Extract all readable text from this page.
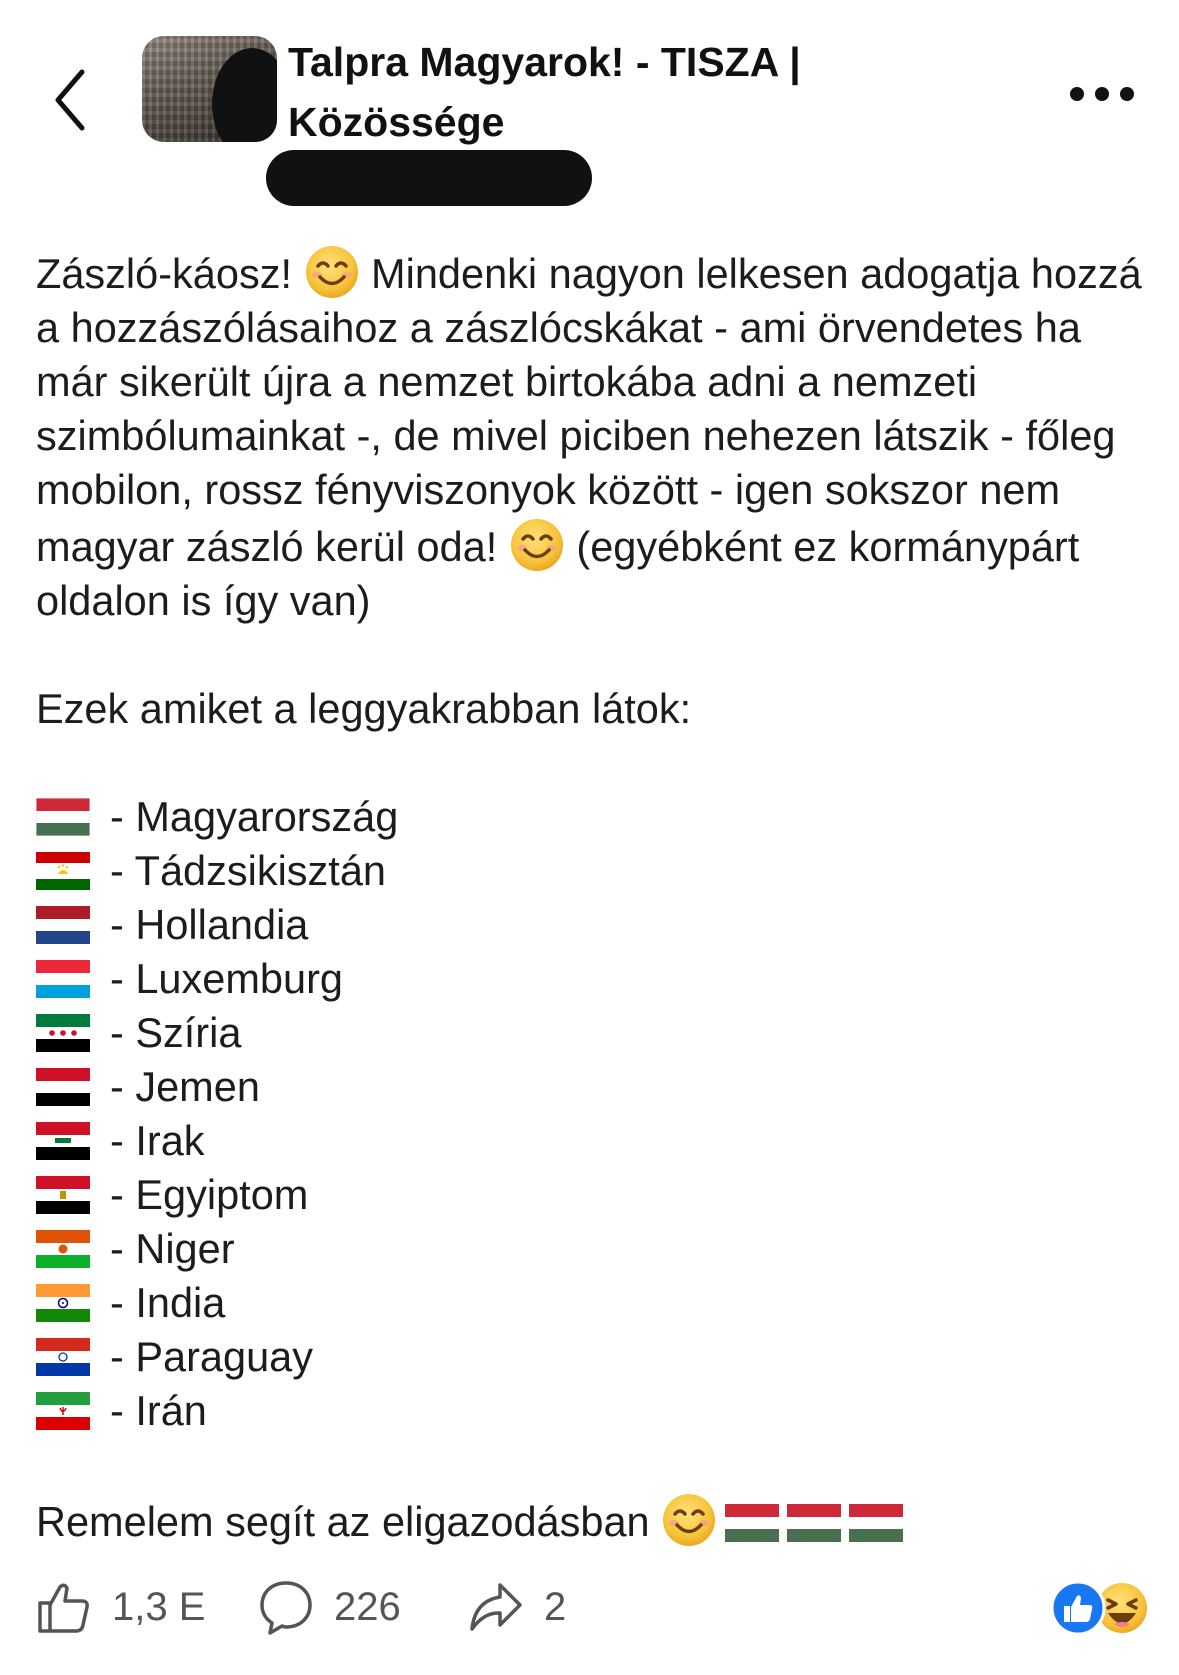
Talpra Magyarok! - TISZA | Közössége

Zászló-káosz!  Mindenki nagyon lelkesen adogatja hozzá a hozzászólásaihoz a zászlócskákat - ami örvendetes ha már sikerült újra a nemzet birtokába adni a nemzeti szimbólumainkat -, de mivel piciben nehezen látszik - főleg mobilon, rossz fényviszonyok között - igen sokszor nem magyar zászló kerül oda!  (egyébként ez kormánypárt oldalon is így van)

Ezek amiket a leggyakrabban látok:

- Magyarország
- Tádzsikisztán
- Hollandia
- Luxemburg
- Szíria
- Jemen
- Irak
- Egyiptom
- Niger
- India
- Paraguay
- Irán

Remelem segít az eligazodásban

1,3 E	226	2
